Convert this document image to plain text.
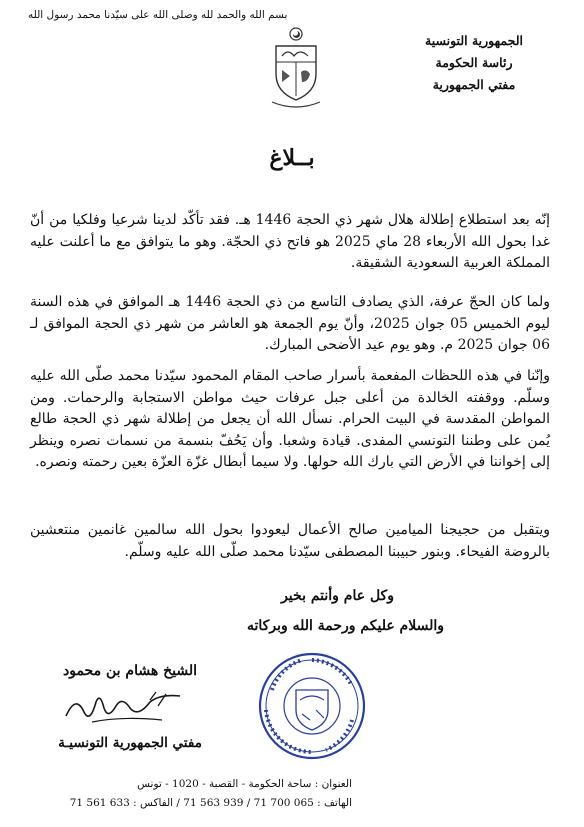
بسم الله والحمد لله وصلى الله على سيّدنا محمد رسول الله
الجمهورية التونسية
رئاسة الحكومة
مفتي الجمهورية
بــلاغ

إنّه بعد استطلاع إطلالة هلال شهر ذي الحجة 1446 هـ. فقد تأكّد لدينا شرعيا وفلكيا من أنّ غدا بحول الله الأربعاء 28 ماي 2025 هو فاتح ذي الحجّة. وهو ما يتوافق مع ما أعلنت عليه المملكة العربية السعودية الشقيقة.

ولما كان الحجّ عرفة، الذي يصادف التاسع من ذي الحجة 1446 هـ الموافق في هذه السنة ليوم الخميس 05 جوان 2025، وأنّ يوم الجمعة هو العاشر من شهر ذي الحجة الموافق لـ 06 جوان 2025 م. وهو يوم عيد الأضحى المبارك.

وإنّنا في هذه اللحظات المفعمة بأسرار صاحب المقام المحمود سيّدنا محمد صلّى الله عليه وسلّم. ووقفته الخالدة من أعلى جبل عرفات حيث مواطن الاستجابة والرحمات. ومن المواطن المقدسة في البيت الحرام. نسأل الله أن يجعل من إطلالة شهر ذي الحجة طالع يُمن على وطننا التونسي المفدى. قيادة وشعبا. وأن يَحُفّ بنسمة من نسمات نصره وينظر إلى إخواننا في الأرض التي بارك الله حولها. ولا سيما أبطال غزّة العزّة بعين رحمته ونصره.

ويتقبل من حجيجنا الميامين صالح الأعمال ليعودوا بحول الله سالمين غانمين منتعشين بالروضة الفيحاء. وبنور حبيبنا المصطفى سيّدنا محمد صلّى الله عليه وسلّم.

وكل عام وأنتم بخير
والسلام عليكم ورحمة الله وبركاته
الشيخ هشام بن محمود
مفتي الجمهورية التونسيـة
العنوان : ساحة الحكومة - القصبة - 1020 - تونس
الهاتف : 065 700 71 / 939 563 71 / الفاكس : 633 561 71
